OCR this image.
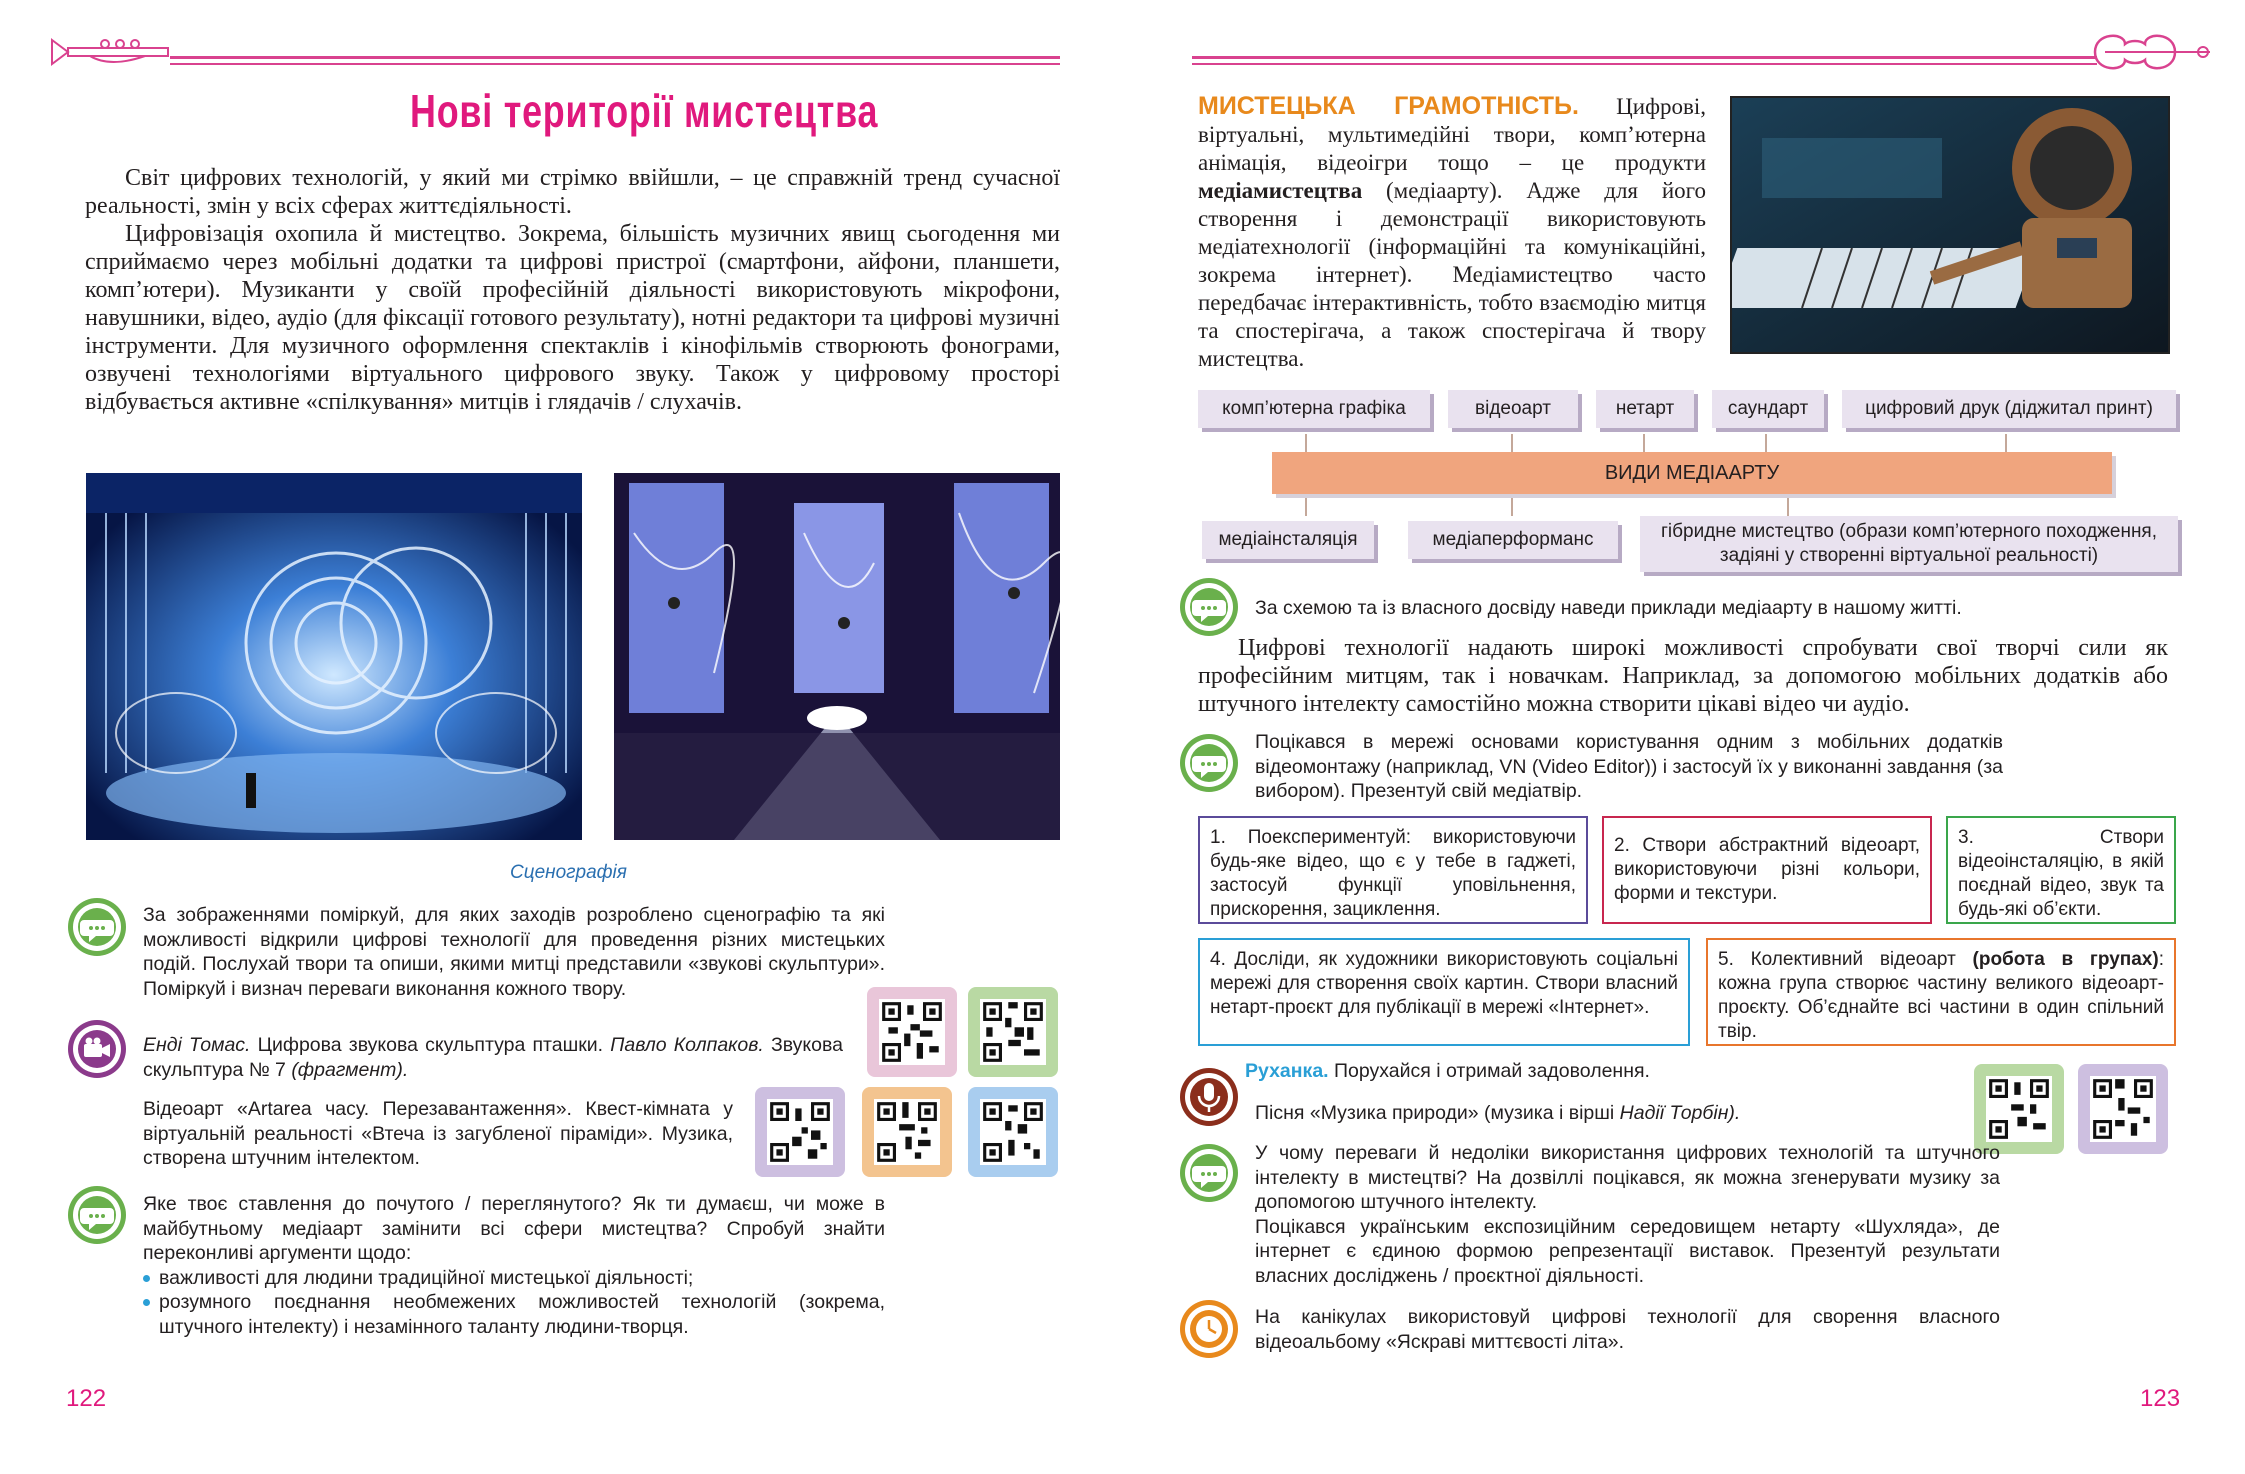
Нові території мистецтва

Світ цифрових технологій, у який ми стрімко ввійшли, – це справжній тренд сучасної реальності, змін у всіх сферах життєдіяльності.

Цифровізація охопила й мистецтво. Зокрема, більшість музичних явищ сьогодення ми сприймаємо через мобільні додатки та цифрові пристрої (смартфони, айфони, планшети, комп’ютери). Музиканти у своїй професійній діяльності використовують мікрофони, навушники, відео, аудіо (для фіксації готового результату), нотні редактори та цифрові музичні інструменти. Для музичного оформлення спектаклів і кінофільмів створюють фонограми, озвучені технологіями віртуального цифрового звуку. Також у цифровому просторі відбувається активне «спілкування» митців і глядачів / слухачів.

Сценографія

За зображеннями поміркуй, для яких заходів розроблено сценографію та які можливості відкрили цифрові технології для проведення різних мистецьких подій. Послухай твори та опиши, якими митці представили «звукові скульптури». Поміркуй і визнач переваги виконання кожного твору.

Енді Томас. Цифрова звукова скульптура пташки. Павло Колпаков. Звукова скульптура № 7 (фрагмент).

Відеоарт «Artarea часу. Перезавантаження». Квест-кімната у віртуальній реальності «Втеча із загубленої піраміди». Музика, створена штучним інтелектом.

Яке твоє ставлення до почутого / переглянутого? Як ти думаєш, чи може в майбутньому медіаарт замінити всі сфери мистецтва? Спробуй знайти переконливі аргументи щодо:

важливості для людини традиційної мистецької діяльності;
розумного поєднання необмежених можливостей технологій (зокрема, штучного інтелекту) і незамінного таланту людини-творця.
122

МИСТЕЦЬКА ГРАМОТНІСТЬ. Цифрові, віртуальні, мультимедійні твори, комп’ютерна анімація, відеоігри тощо – це продукти медіамистецтва (медіаарту). Адже для його створення і демонстрації використовують медіатехнології (інформаційні та комунікаційні, зокрема інтернет). Медіамистецтво часто передбачає інтерактивність, тобто взаємодію митця та спостерігача, а також спостерігача й твору мистецтва.

комп’ютерна графіка	відеоарт	нетарт	саундарт	цифровий друк (діджитал принт)
ВИДИ МЕДІААРТУ
медіаінсталяція	медіаперформанс	гібридне мистецтво (образи комп’ютерного походження, задіяні у створенні віртуальної реальності)

За схемою та із власного досвіду наведи приклади медіаарту в нашому житті.

Цифрові технології надають широкі можливості спробувати свої творчі сили як професійним митцям, так і новачкам. Наприклад, за допомогою мобільних додатків або штучного інтелекту самостійно можна створити цікаві відео чи аудіо.

Поцікався в мережі основами користування одним з мобільних додатків відеомонтажу (наприклад, VN (Video Editor)) і застосуй їх у виконанні завдання (за вибором). Презентуй свій медіатвір.

1. Поекспериментуй: використовуючи будь-яке відео, що є у тебе в гаджеті, застосуй функції уповільнення, прискорення, зациклення.
2. Створи абстрактний відеоарт, використовуючи різні кольори, форми и текстури.
3. Створи відеоінсталяцію, в якій поєднай відео, звук та будь-які об’єкти.
4. Досліди, як художники використовують соціальні мережі для створення своїх картин. Створи власний нетарт-проєкт для публікації в мережі «Інтернет».
5. Колективний відеоарт (робота в групах): кожна група створює частину великого відеоарт-проєкту. Об’єднайте всі частини в один спільний твір.

Руханка. Порухайся і отримай задоволення.

Пісня «Музика природи» (музика і вірші Надії Торбін).

У чому переваги й недоліки використання цифрових технологій та штучного інтелекту в мистецтві? На дозвіллі поцікався, як можна згенерувати музику за допомогою штучного інтелекту.

Поцікався українським експозиційним середовищем нетарту «Шухляда», де інтернет є єдиною формою репрезентації виставок. Презентуй результати власних досліджень / проєктної діяльності.

На канікулах використовуй цифрові технології для сворення власного відеоальбому «Яскраві миттєвості літа».

123
